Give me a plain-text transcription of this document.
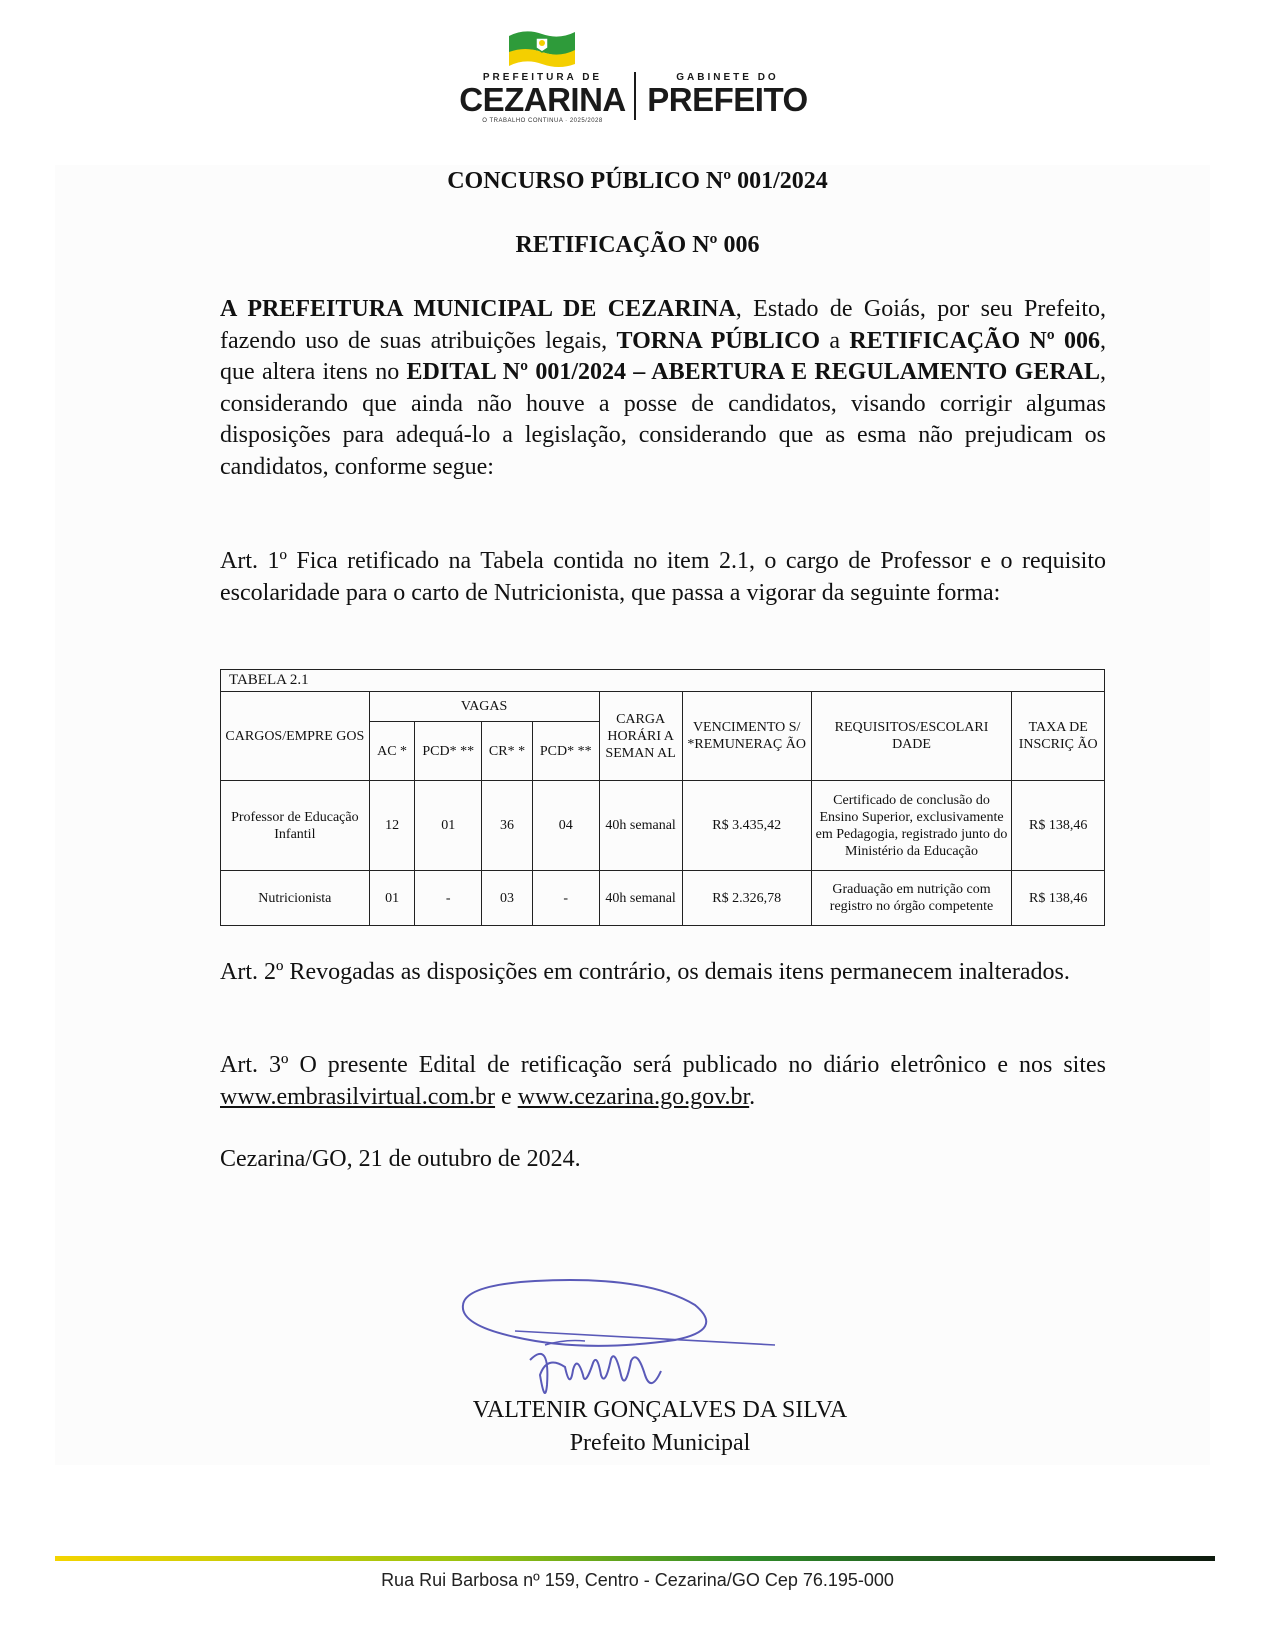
PREFEITURA DE
CEZARINA
O TRABALHO CONTINUA · 2025/2028
GABINETE DO
PREFEITO
CONCURSO PÚBLICO Nº 001/2024
RETIFICAÇÃO Nº 006
A PREFEITURA MUNICIPAL DE CEZARINA, Estado de Goiás, por seu Prefeito, fazendo uso de suas atribuições legais, TORNA PÚBLICO a RETIFICAÇÃO Nº 006, que altera itens no EDITAL Nº 001/2024 – ABERTURA E REGULAMENTO GERAL, considerando que ainda não houve a posse de candidatos, visando corrigir algumas disposições para adequá-lo a legislação, considerando que as esma não prejudicam os candidatos, conforme segue:
Art. 1º Fica retificado na Tabela contida no item 2.1, o cargo de Professor e o requisito escolaridade para o carto de Nutricionista, que passa a vigorar da seguinte forma:
TABELA 2.1								
CARGOS/EMPRE GOS	VAGAS				CARGA HORÁRI A SEMAN AL	VENCIMENTO S/ *REMUNERAÇ ÃO	REQUISITOS/ESCOLARI DADE	TAXA DE INSCRIÇ ÃO
	AC *	PCD* **	CR* *	PCD* **				
Professor de Educação Infantil	12	01	36	04	40h semanal	R$ 3.435,42	Certificado de conclusão do Ensino Superior, exclusivamente em Pedagogia, registrado junto do Ministério da Educação	R$ 138,46
Nutricionista	01	-	03	-	40h semanal	R$ 2.326,78	Graduação em nutrição com registro no órgão competente	R$ 138,46
Art. 2º Revogadas as disposições em contrário, os demais itens permanecem inalterados.
Art. 3º O presente Edital de retificação será publicado no diário eletrônico e nos sites www.embrasilvirtual.com.br e www.cezarina.go.gov.br.
Cezarina/GO, 21 de outubro de 2024.
VALTENIR GONÇALVES DA SILVA
Prefeito Municipal
Rua Rui Barbosa nº 159, Centro - Cezarina/GO Cep 76.195-000
